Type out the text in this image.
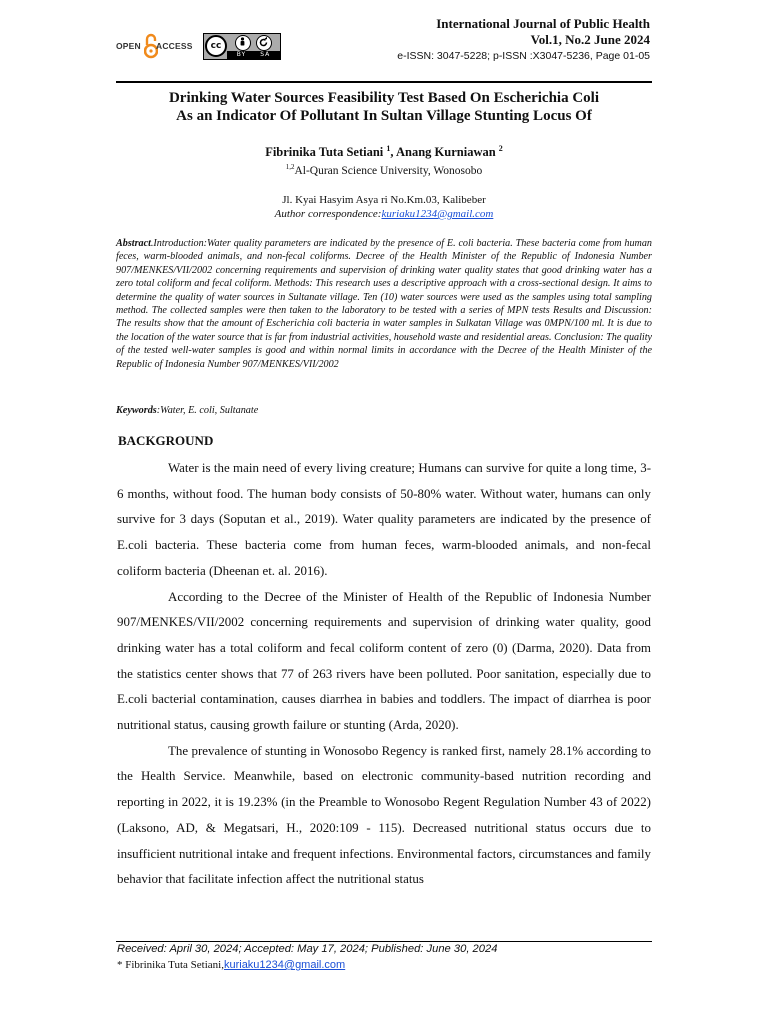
OPEN ACCESS
BY SA
cc
International Journal of Public Health
Vol.1, No.2 June 2024
e-ISSN: 3047-5228; p-ISSN :X3047-5236, Page 01-05
Drinking Water Sources Feasibility Test Based On Escherichia Coli
As an Indicator Of Pollutant In Sultan Village Stunting Locus Of
Fibrinika Tuta Setiani $^1$, Anang Kurniawan $^2$
$^{1,2}$Al-Quran Science University, Wonosobo
Jl. Kyai Hasyim Asya ri No.Km.03, Kalibeber
Author correspondence:kuriaku1234@gmail.com
Abstract.Introduction:Water quality parameters are indicated by the presence of E. coli bacteria. These bacteria come from human feces, warm-blooded animals, and non-fecal coliforms. Decree of the Health Minister of the Republic of Indonesia Number 907/MENKES/VII/2002 concerning requirements and supervision of drinking water quality states that good drinking water has a zero total coliform and fecal coliform. Methods: This research uses a descriptive approach with a cross-sectional design. It aims to determine the quality of water sources in Sultanate village. Ten (10) water sources were used as the samples using total sampling method. The collected samples were then taken to the laboratory to be tested with a series of MPN tests Results and Discussion: The results show that the amount of Escherichia coli bacteria in water samples in Sulkatan Village was 0MPN/100 ml. It is due to the location of the water source that is far from industrial activities, household waste and residential areas. Conclusion: The quality of the tested well-water samples is good and within normal limits in accordance with the Decree of the Health Minister of the Republic of Indonesia Number 907/MENKES/VII/2002
Keywords:Water, E. coli, Sultanate
BACKGROUND

Water is the main need of every living creature; Humans can survive for quite a long time, 3-6 months, without food. The human body consists of 50-80% water. Without water, humans can only survive for 3 days (Soputan et al., 2019). Water quality parameters are indicated by the presence of E.coli bacteria. These bacteria come from human feces, warm-blooded animals, and non-fecal coliform bacteria (Dheenan et. al. 2016).

According to the Decree of the Minister of Health of the Republic of Indonesia Number 907/MENKES/VII/2002 concerning requirements and supervision of drinking water quality, good drinking water has a total coliform and fecal coliform content of zero (0) (Darma, 2020). Data from the statistics center shows that 77 of 263 rivers have been polluted. Poor sanitation, especially due to E.coli bacterial contamination, causes diarrhea in babies and toddlers. The impact of diarrhea is poor nutritional status, causing growth failure or stunting (Arda, 2020).

The prevalence of stunting in Wonosobo Regency is ranked first, namely 28.1% according to the Health Service. Meanwhile, based on electronic community-based nutrition recording and reporting in 2022, it is 19.23% (in the Preamble to Wonosobo Regent Regulation Number 43 of 2022) (Laksono, AD, & Megatsari, H., 2020:109 - 115). Decreased nutritional status occurs due to insufficient nutritional intake and frequent infections. Environmental factors, circumstances and family behavior that facilitate infection affect the nutritional status

Received: April 30, 2024; Accepted: May 17, 2024; Published: June 30, 2024
* Fibrinika Tuta Setiani,kuriaku1234@gmail.com
